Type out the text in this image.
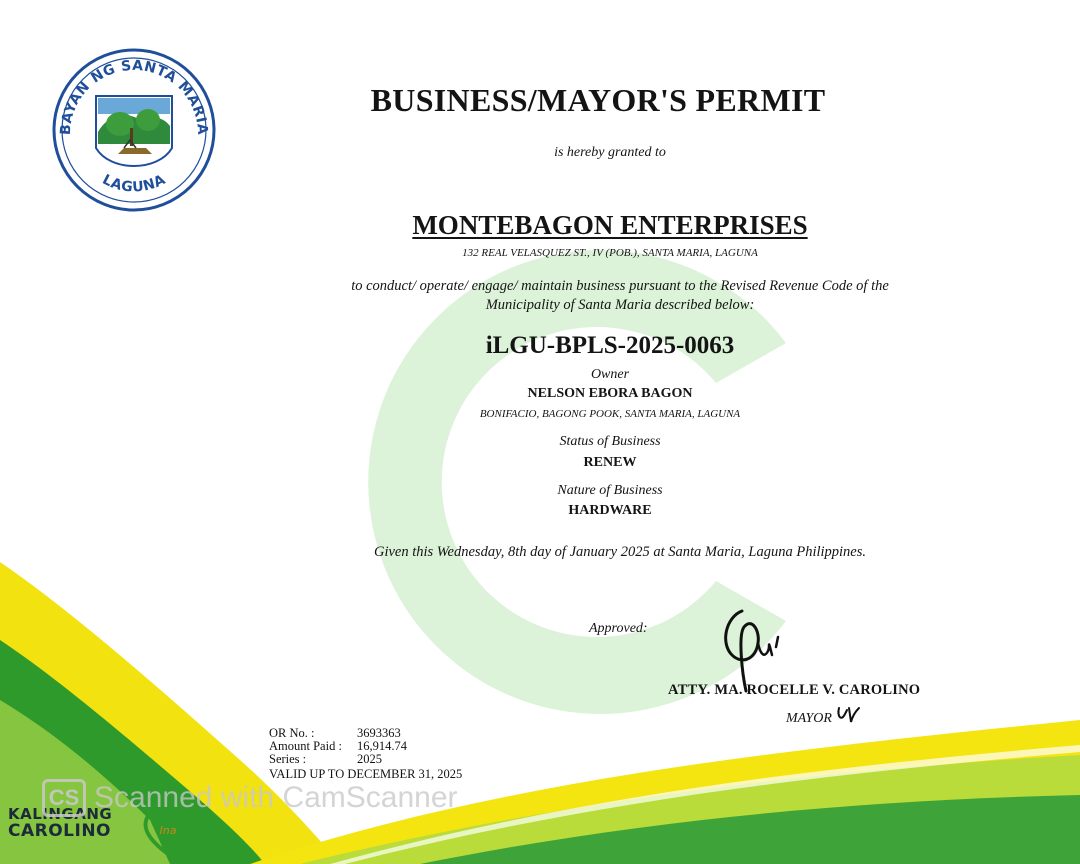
BAYAN NG SANTA MARIA
LAGUNA
BUSINESS/MAYOR'S PERMIT
is hereby granted to
MONTEBAGON ENTERPRISES
132 REAL VELASQUEZ ST., IV (POB.), SANTA MARIA, LAGUNA
to conduct/ operate/ engage/ maintain business pursuant to the Revised Revenue Code of the
Municipality of Santa Maria described below:
iLGU-BPLS-2025-0063
Owner
NELSON EBORA BAGON
BONIFACIO, BAGONG POOK, SANTA MARIA, LAGUNA
Status of Business
RENEW
Nature of Business
HARDWARE
Given this Wednesday, 8th day of January 2025 at Santa Maria, Laguna Philippines.
Approved:
ATTY. MA. ROCELLE V. CAROLINO
MAYOR
OR No. :	3693363
Amount Paid :	16,914.74
Series :	2025
VALID UP TO DECEMBER 31, 2025
KALINGANG
CAROLINO	Ina
CS Scanned with CamScanner
